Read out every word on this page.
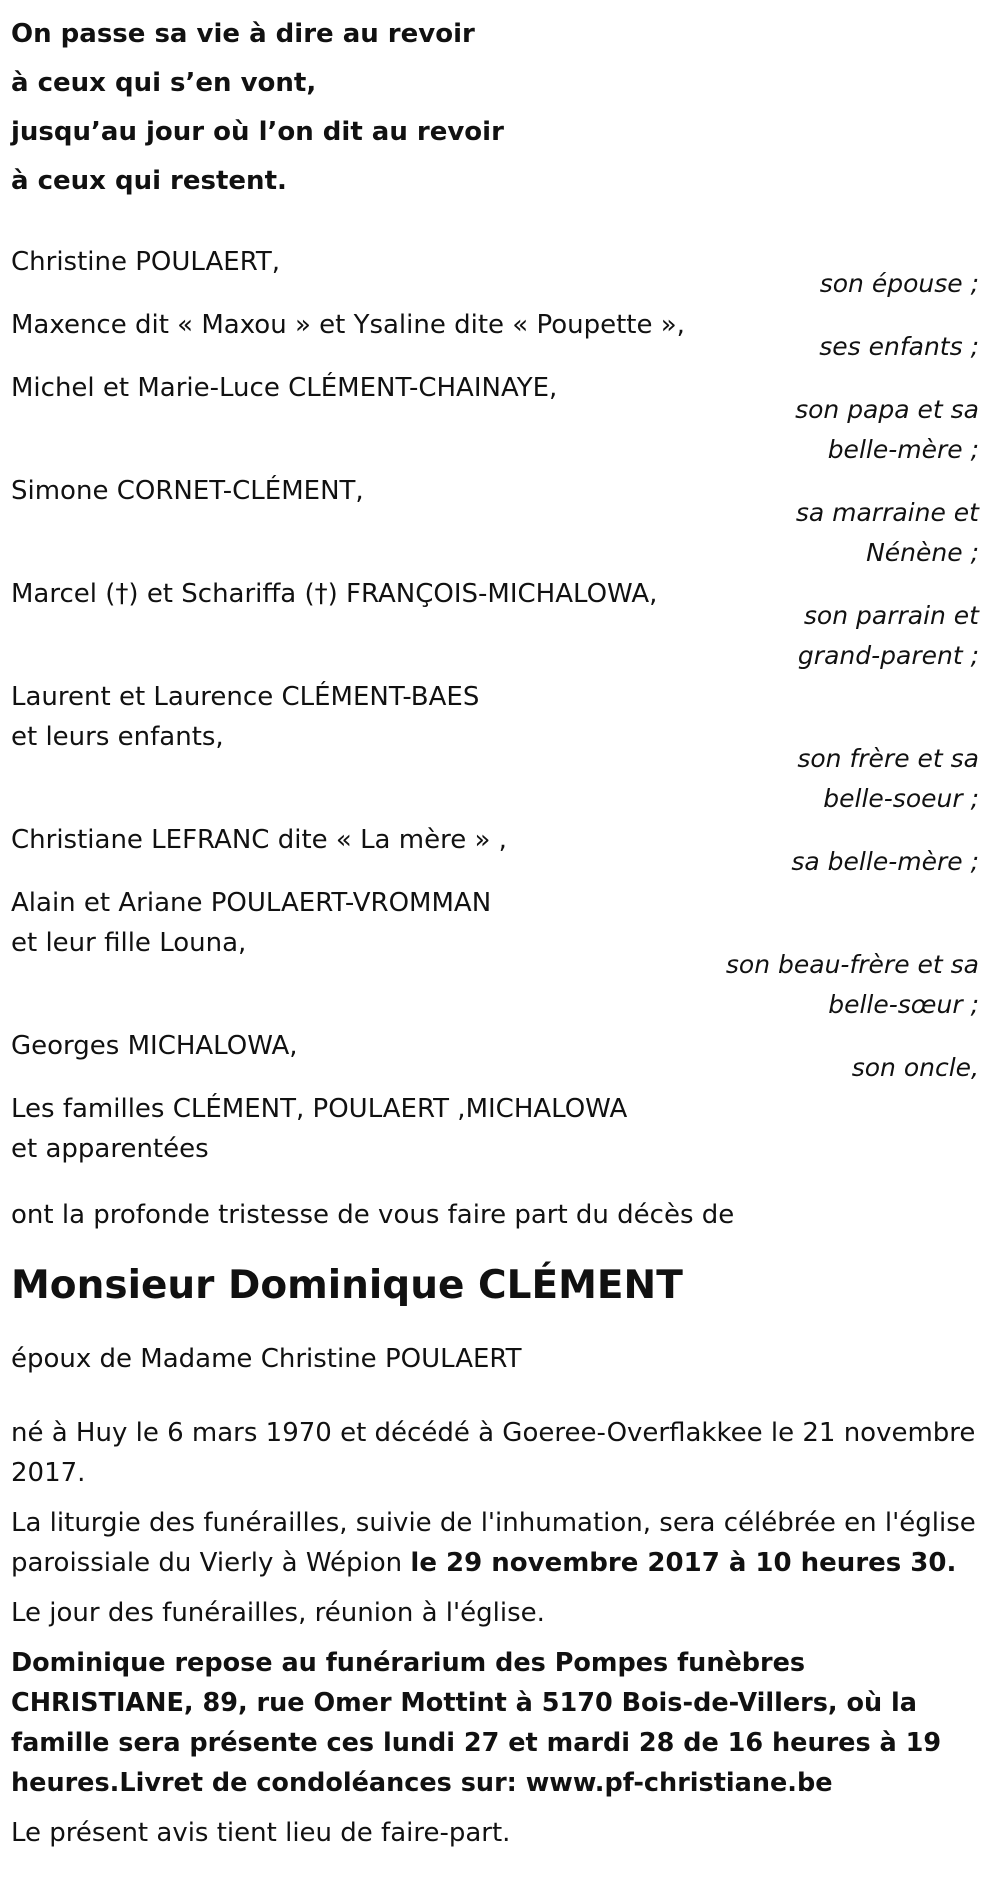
On passe sa vie à dire au revoir
à ceux qui s’en vont,
jusqu’au jour où l’on dit au revoir
à ceux qui restent.
Christine POULAERT,
son épouse ;
Maxence dit « Maxou » et Ysaline dite « Poupette »,
ses enfants ;
Michel et Marie-Luce CLÉMENT-CHAINAYE,
son papa et sa
belle-mère ;
Simone CORNET-CLÉMENT,
sa marraine et
Nénène ;
Marcel (†) et Schariffa (†) FRANÇOIS-MICHALOWA,
son parrain et
grand-parent ;
Laurent et Laurence CLÉMENT-BAES
et leurs enfants,
son frère et sa
belle-soeur ;
Christiane LEFRANC dite « La mère » ,
sa belle-mère ;
Alain et Ariane POULAERT-VROMMAN
et leur fille Louna,
son beau-frère et sa
belle-sœur ;
Georges MICHALOWA,
son oncle,
Les familles CLÉMENT, POULAERT ,MICHALOWA
et apparentées
ont la profonde tristesse de vous faire part du décès de
Monsieur Dominique CLÉMENT
époux de Madame Christine POULAERT
né à Huy le 6 mars 1970 et décédé à Goeree-Overflakkee le 21 novembre 2017.
La liturgie des funérailles, suivie de l'inhumation, sera célébrée en l'église paroissiale du Vierly à Wépion le 29 novembre 2017 à 10 heures 30.
Le jour des funérailles, réunion à l'église.
Dominique repose au funérarium des Pompes funèbres CHRISTIANE, 89, rue Omer Mottint à 5170 Bois-de-Villers, où la famille sera présente ces lundi 27 et mardi 28 de 16 heures à 19 heures.Livret de condoléances sur: www.pf-christiane.be
Le présent avis tient lieu de faire-part.
